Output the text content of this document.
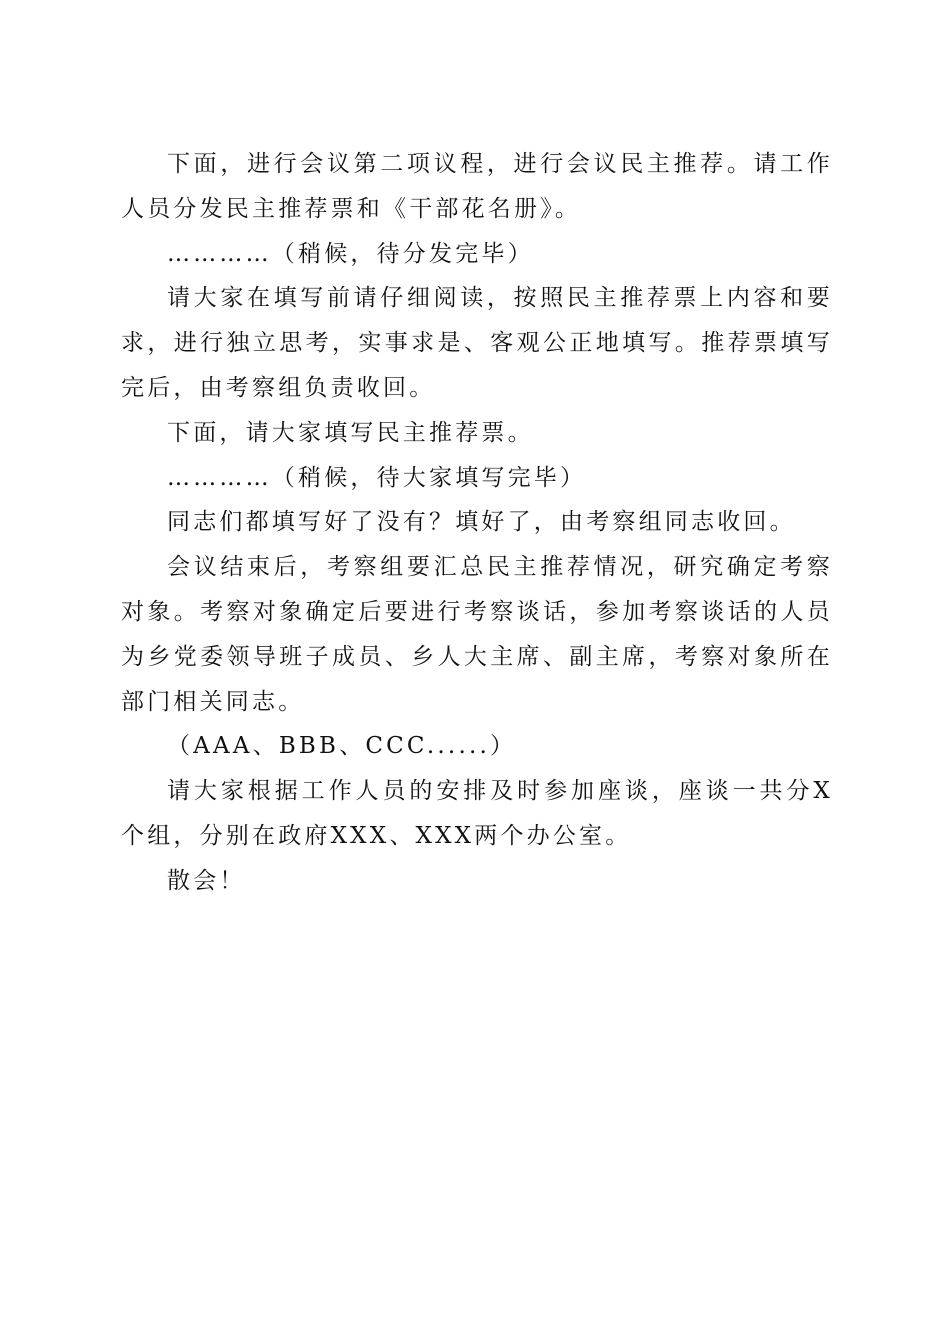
下面，进行会议第二项议程，进行会议民主推荐。请工作人员分发民主推荐票和《干部花名册》。

…………（稍候，待分发完毕）

请大家在填写前请仔细阅读，按照民主推荐票上内容和要求，进行独立思考，实事求是、客观公正地填写。推荐票填写完后，由考察组负责收回。

下面，请大家填写民主推荐票。

…………（稍候，待大家填写完毕）

同志们都填写好了没有？填好了，由考察组同志收回。

会议结束后，考察组要汇总民主推荐情况，研究确定考察对象。考察对象确定后要进行考察谈话，参加考察谈话的人员为乡党委领导班子成员、乡人大主席、副主席，考察对象所在部门相关同志。

（AAA、BBB、CCC......）

请大家根据工作人员的安排及时参加座谈，座谈一共分X个组，分别在政府XXX、XXX两个办公室。

散会！
